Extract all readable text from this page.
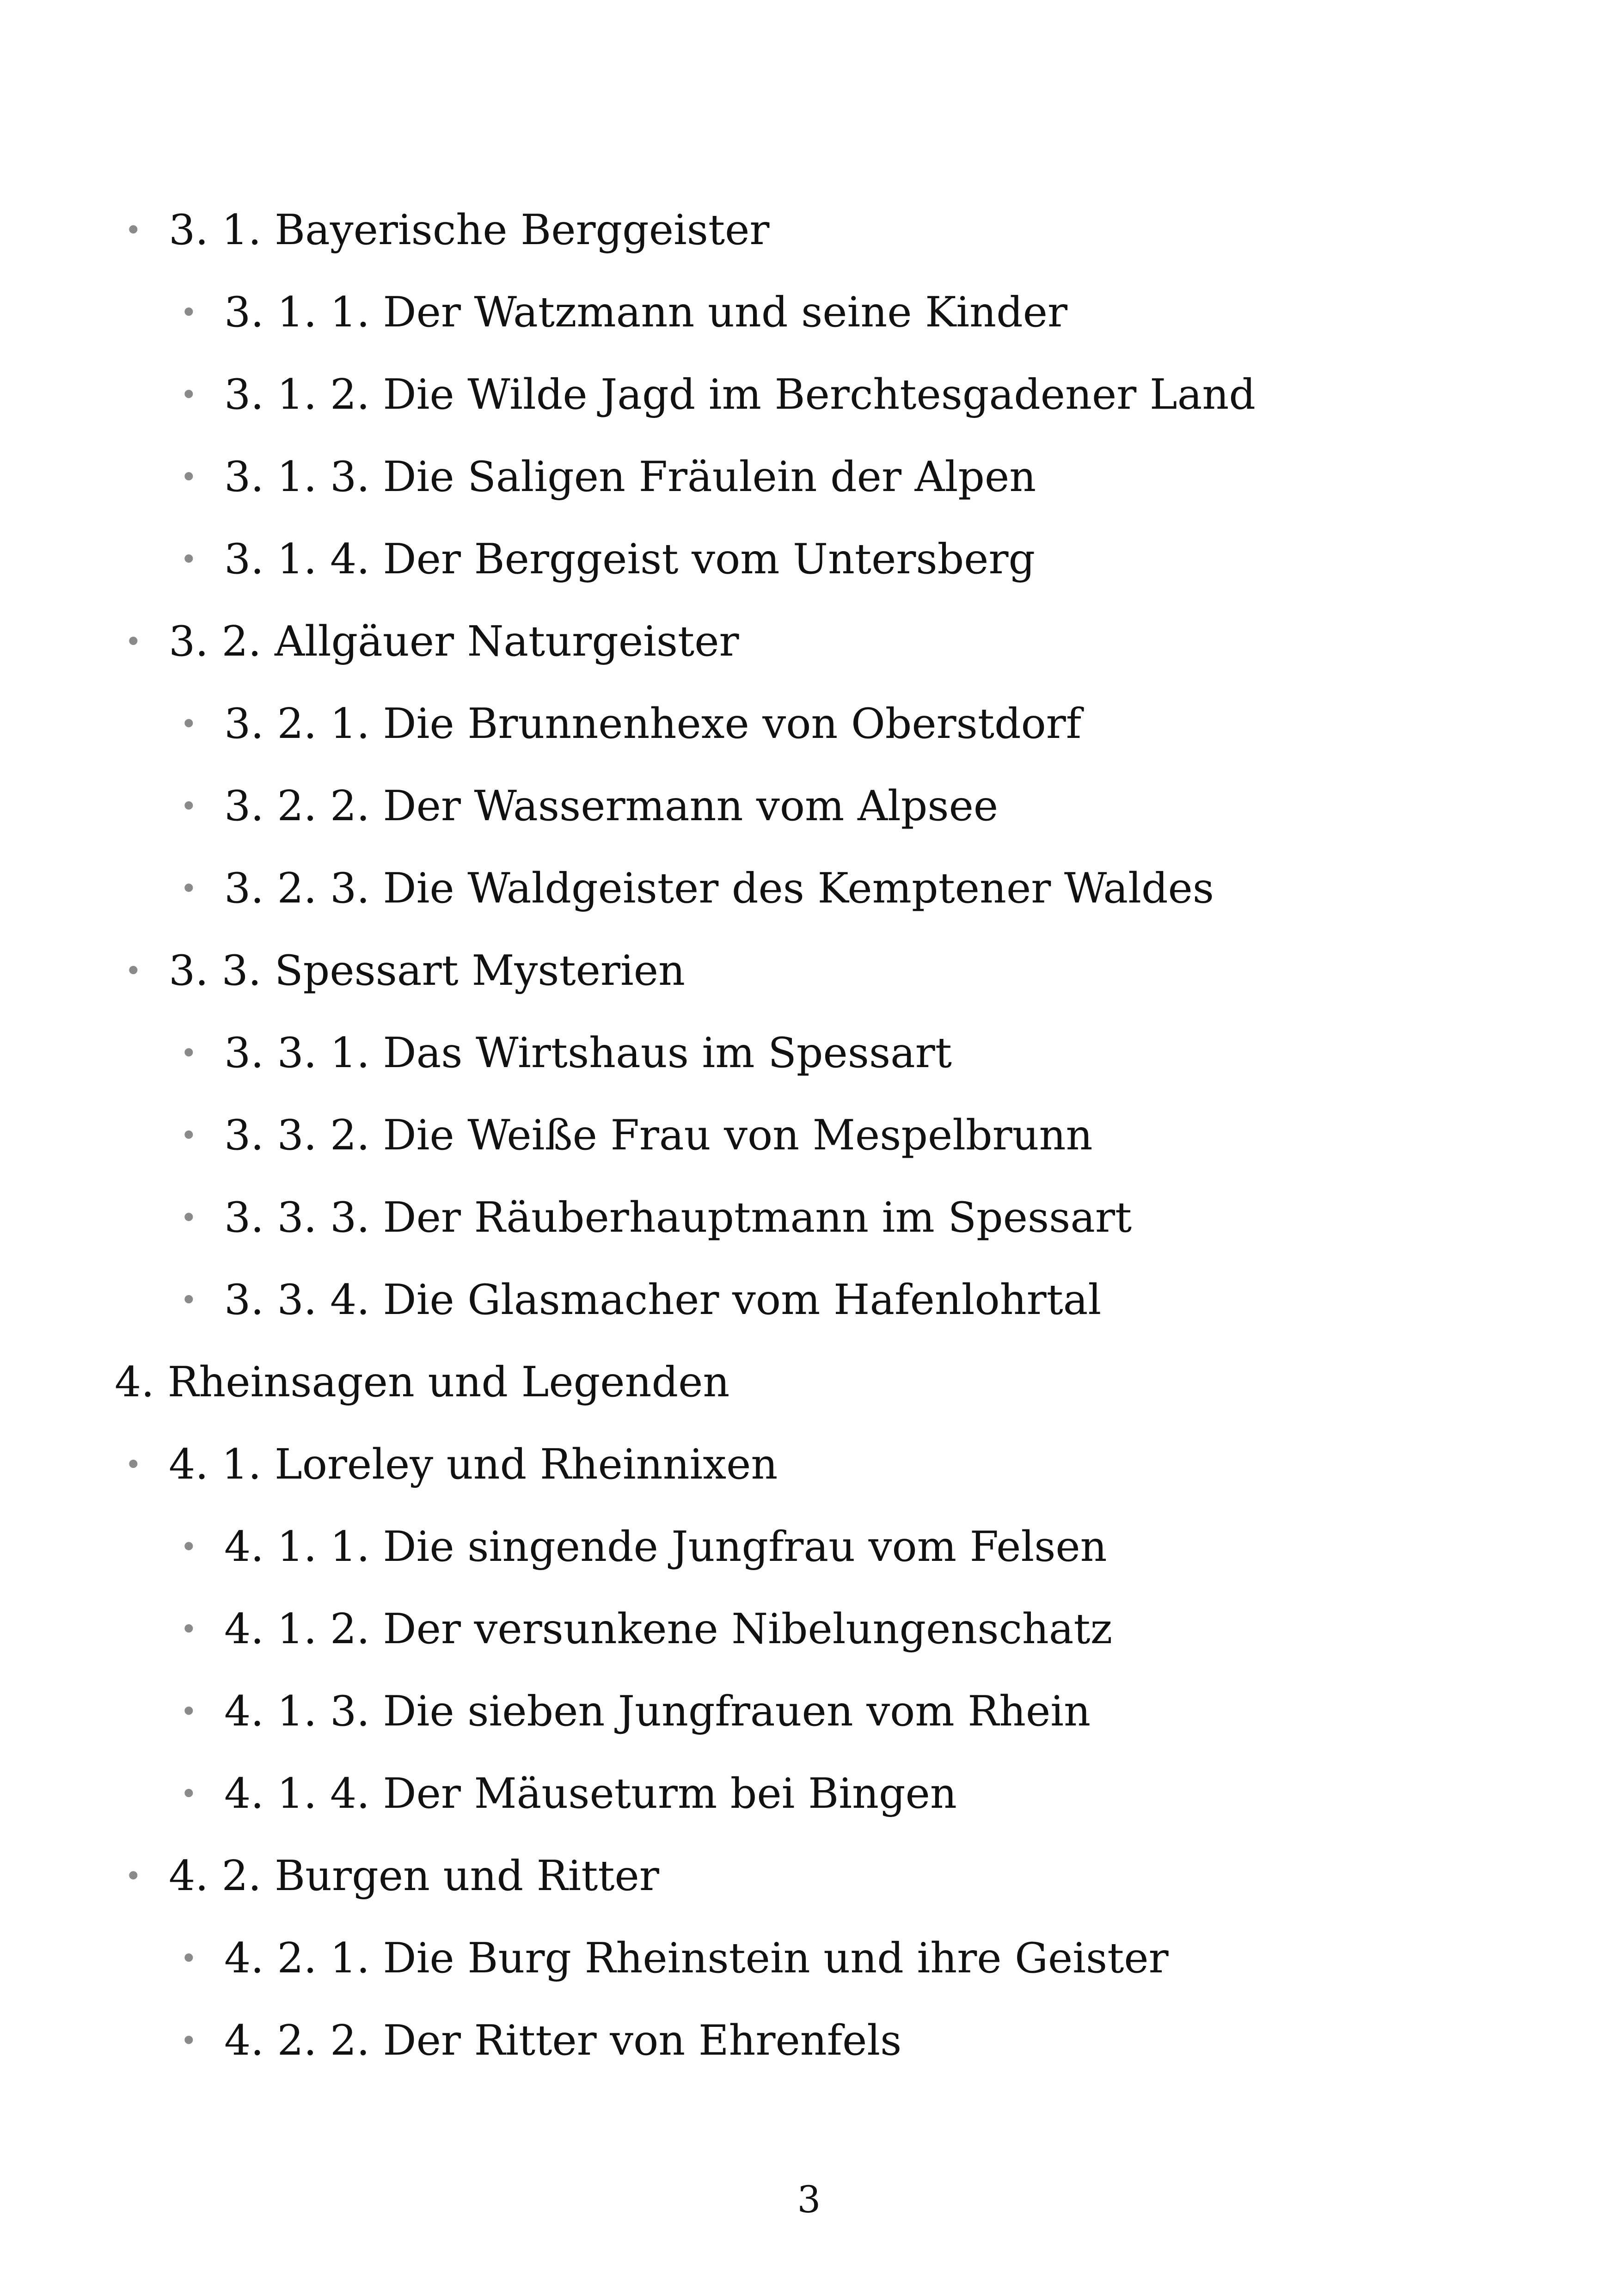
• 3. 1. Bayerische Berggeister
• 3. 1. 1. Der Watzmann und seine Kinder
• 3. 1. 2. Die Wilde Jagd im Berchtesgadener Land
• 3. 1. 3. Die Saligen Fräulein der Alpen
• 3. 1. 4. Der Berggeist vom Untersberg
• 3. 2. Allgäuer Naturgeister
• 3. 2. 1. Die Brunnenhexe von Oberstdorf
• 3. 2. 2. Der Wassermann vom Alpsee
• 3. 2. 3. Die Waldgeister des Kemptener Waldes
• 3. 3. Spessart Mysterien
• 3. 3. 1. Das Wirtshaus im Spessart
• 3. 3. 2. Die Weiße Frau von Mespelbrunn
• 3. 3. 3. Der Räuberhauptmann im Spessart
• 3. 3. 4. Die Glasmacher vom Hafenlohrtal
4. Rheinsagen und Legenden
• 4. 1. Loreley und Rheinnixen
• 4. 1. 1. Die singende Jungfrau vom Felsen
• 4. 1. 2. Der versunkene Nibelungenschatz
• 4. 1. 3. Die sieben Jungfrauen vom Rhein
• 4. 1. 4. Der Mäuseturm bei Bingen
• 4. 2. Burgen und Ritter
• 4. 2. 1. Die Burg Rheinstein und ihre Geister
• 4. 2. 2. Der Ritter von Ehrenfels
3
